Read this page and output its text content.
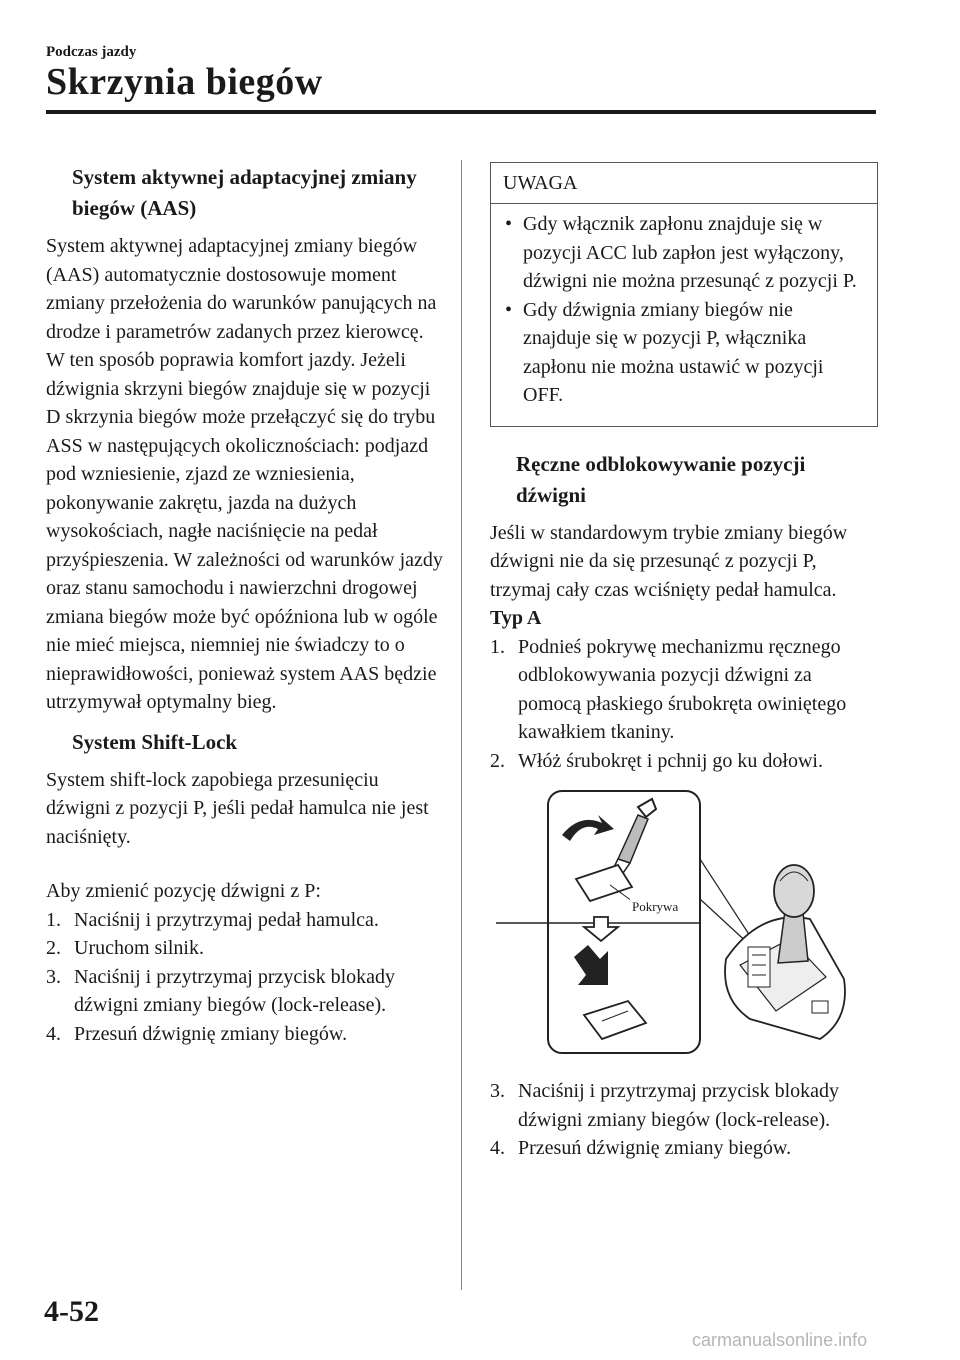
Podczas jazdy
Skrzynia biegów
System aktywnej adaptacyjnej zmiany biegów (AAS)

System aktywnej adaptacyjnej zmiany biegów (AAS) automatycznie dostosowuje moment zmiany przełożenia do warunków panujących na drodze i parametrów zadanych przez kierowcę. W ten sposób poprawia komfort jazdy. Jeżeli dźwignia skrzyni biegów znajduje się w pozycji D skrzynia biegów może przełączyć się do trybu ASS w następujących okolicznościach: podjazd pod wzniesienie, zjazd ze wzniesienia, pokonywanie zakrętu, jazda na dużych wysokościach, nagłe naciśnięcie na pedał przyśpieszenia. W zależności od warunków jazdy oraz stanu samochodu i nawierzchni drogowej zmiana biegów może być opóźniona lub w ogóle nie mieć miejsca, niemniej nie świadczy to o nieprawidłowości, ponieważ system AAS będzie utrzymywał optymalny bieg.

System Shift-Lock

System shift-lock zapobiega przesunięciu dźwigni z pozycji P, jeśli pedał hamulca nie jest naciśnięty.

Aby zmienić pozycję dźwigni z P:

1. Naciśnij i przytrzymaj pedał hamulca.
2. Uruchom silnik.
3. Naciśnij i przytrzymaj przycisk blokady dźwigni zmiany biegów (lock-release).
4. Przesuń dźwignię zmiany biegów.
UWAGA
• Gdy włącznik zapłonu znajduje się w pozycji ACC lub zapłon jest wyłączony, dźwigni nie można przesunąć z pozycji P.
• Gdy dźwignia zmiany biegów nie znajduje się w pozycji P, włącznika zapłonu nie można ustawić w pozycji OFF.
Ręczne odblokowywanie pozycji dźwigni

Jeśli w standardowym trybie zmiany biegów dźwigni nie da się przesunąć z pozycji P, trzymaj cały czas wciśnięty pedał hamulca.

Typ A
1. Podnieś pokrywę mechanizmu ręcznego odblokowywania pozycji dźwigni za pomocą płaskiego śrubokręta owiniętego kawałkiem tkaniny.
2. Włóż śrubokręt i pchnij go ku dołowi.
Pokrywa
3. Naciśnij i przytrzymaj przycisk blokady dźwigni zmiany biegów (lock-release).
4. Przesuń dźwignię zmiany biegów.
4-52
carmanualsonline.info
